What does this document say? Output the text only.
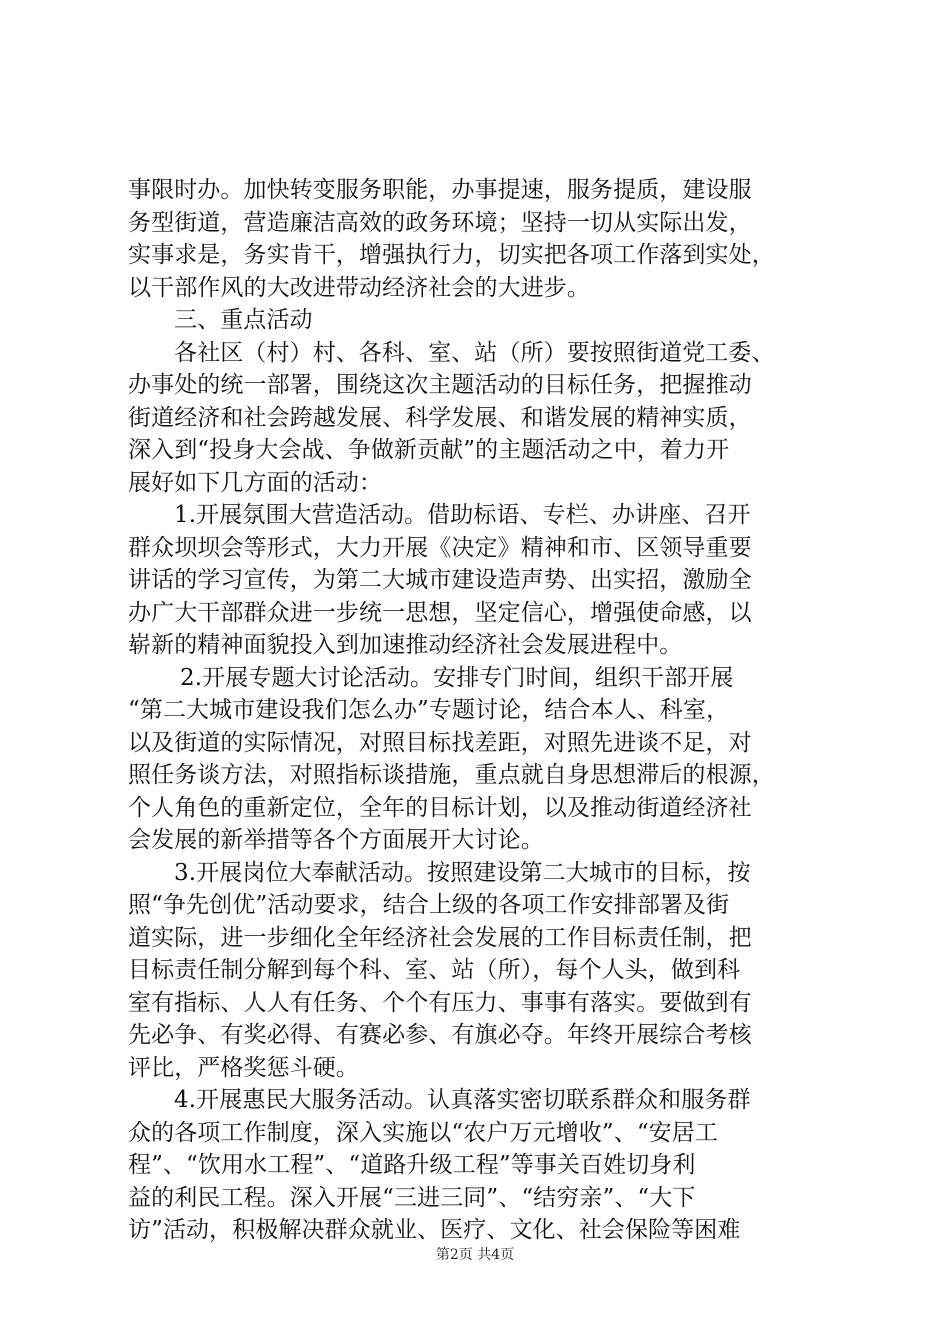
事限时办。加快转变服务职能，办事提速，服务提质，建设服
务型街道，营造廉洁高效的政务环境；坚持一切从实际出发，
实事求是，务实肯干，增强执行力，切实把各项工作落到实处，
以干部作风的大改进带动经济社会的大进步。
三、重点活动
各社区（村）村、各科、室、站（所）要按照街道党工委、
办事处的统一部署，围绕这次主题活动的目标任务，把握推动
街道经济和社会跨越发展、科学发展、和谐发展的精神实质，
深入到“投身大会战、争做新贡献”的主题活动之中，着力开
展好如下几方面的活动：
1.开展氛围大营造活动。借助标语、专栏、办讲座、召开
群众坝坝会等形式，大力开展《决定》精神和市、区领导重要
讲话的学习宣传，为第二大城市建设造声势、出实招，激励全
办广大干部群众进一步统一思想，坚定信心，增强使命感，以
崭新的精神面貌投入到加速推动经济社会发展进程中。
2.开展专题大讨论活动。安排专门时间，组织干部开展
“第二大城市建设我们怎么办”专题讨论，结合本人、科室，
以及街道的实际情况，对照目标找差距，对照先进谈不足，对
照任务谈方法，对照指标谈措施，重点就自身思想滞后的根源，
个人角色的重新定位，全年的目标计划，以及推动街道经济社
会发展的新举措等各个方面展开大讨论。
3.开展岗位大奉献活动。按照建设第二大城市的目标，按
照“争先创优”活动要求，结合上级的各项工作安排部署及街
道实际，进一步细化全年经济社会发展的工作目标责任制，把
目标责任制分解到每个科、室、站（所），每个人头，做到科
室有指标、人人有任务、个个有压力、事事有落实。要做到有
先必争、有奖必得、有赛必参、有旗必夺。年终开展综合考核
评比，严格奖惩斗硬。
4.开展惠民大服务活动。认真落实密切联系群众和服务群
众的各项工作制度，深入实施以“农户万元增收”、“安居工
程”、“饮用水工程”、“道路升级工程”等事关百姓切身利
益的利民工程。深入开展“三进三同”、“结穷亲”、“大下
访”活动，积极解决群众就业、医疗、文化、社会保险等困难
第2页 共4页
